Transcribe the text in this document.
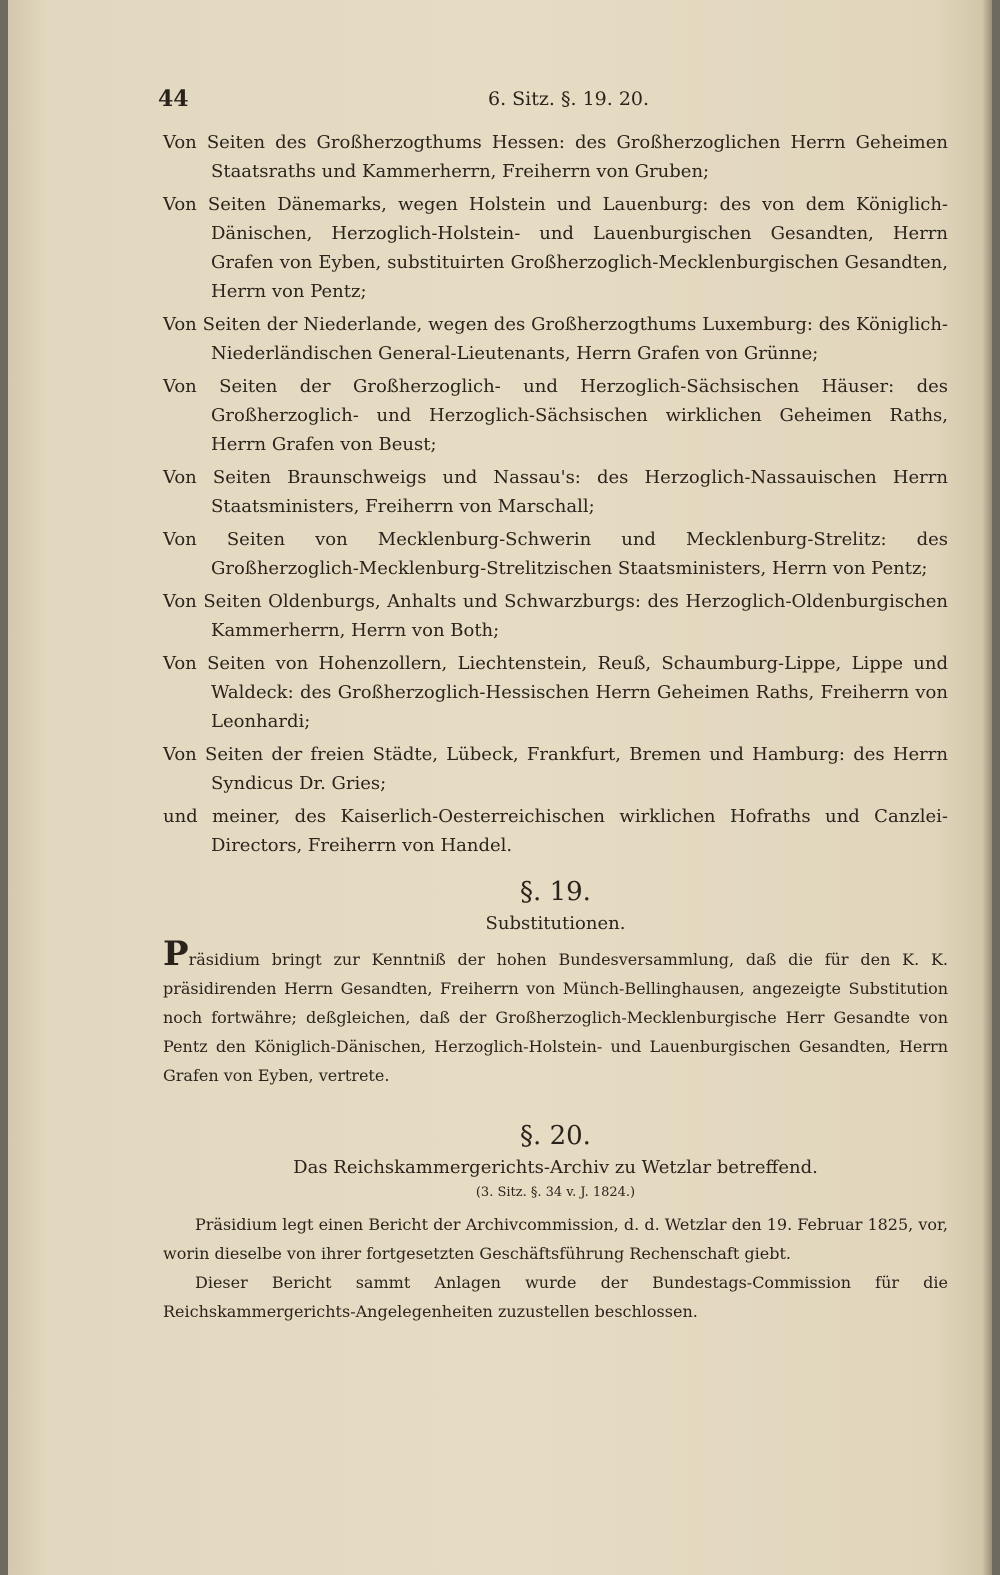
44	6. Sitz. §. 19. 20.

Von Seiten des Großherzogthums Hessen: des Großherzoglichen Herrn Geheimen Staatsraths und Kammerherrn, Freiherrn von Gruben;

Von Seiten Dänemarks, wegen Holstein und Lauenburg: des von dem Königlich-Dänischen, Herzoglich-Holstein- und Lauenburgischen Gesandten, Herrn Grafen von Eyben, substituirten Großherzoglich-Mecklenburgischen Gesandten, Herrn von Pentz;

Von Seiten der Niederlande, wegen des Großherzogthums Luxemburg: des Königlich-Niederländischen General-Lieutenants, Herrn Grafen von Grünne;

Von Seiten der Großherzoglich- und Herzoglich-Sächsischen Häuser: des Großherzoglich- und Herzoglich-Sächsischen wirklichen Geheimen Raths, Herrn Grafen von Beust;

Von Seiten Braunschweigs und Nassau's: des Herzoglich-Nassauischen Herrn Staatsministers, Freiherrn von Marschall;

Von Seiten von Mecklenburg-Schwerin und Mecklenburg-Strelitz: des Großherzoglich-Mecklenburg-Strelitzischen Staatsministers, Herrn von Pentz;

Von Seiten Oldenburgs, Anhalts und Schwarzburgs: des Herzoglich-Oldenburgischen Kammerherrn, Herrn von Both;

Von Seiten von Hohenzollern, Liechtenstein, Reuß, Schaumburg-Lippe, Lippe und Waldeck: des Großherzoglich-Hessischen Herrn Geheimen Raths, Freiherrn von Leonhardi;

Von Seiten der freien Städte, Lübeck, Frankfurt, Bremen und Hamburg: des Herrn Syndicus Dr. Gries;

und meiner, des Kaiserlich-Oesterreichischen wirklichen Hofraths und Canzlei-Directors, Freiherrn von Handel.

§. 19.
Substitutionen.

Präsidium bringt zur Kenntniß der hohen Bundesversammlung, daß die für den K. K. präsidirenden Herrn Gesandten, Freiherrn von Münch-Bellinghausen, angezeigte Substitution noch fortwähre; deßgleichen, daß der Großherzoglich-Mecklenburgische Herr Gesandte von Pentz den Königlich-Dänischen, Herzoglich-Holstein- und Lauenburgischen Gesandten, Herrn Grafen von Eyben, vertrete.

§. 20.
Das Reichskammergerichts-Archiv zu Wetzlar betreffend.
(3. Sitz. §. 34 v. J. 1824.)

Präsidium legt einen Bericht der Archivcommission, d. d. Wetzlar den 19. Februar 1825, vor, worin dieselbe von ihrer fortgesetzten Geschäftsführung Rechenschaft giebt.

Dieser Bericht sammt Anlagen wurde der Bundestags-Commission für die Reichskammergerichts-Angelegenheiten zuzustellen beschlossen.
